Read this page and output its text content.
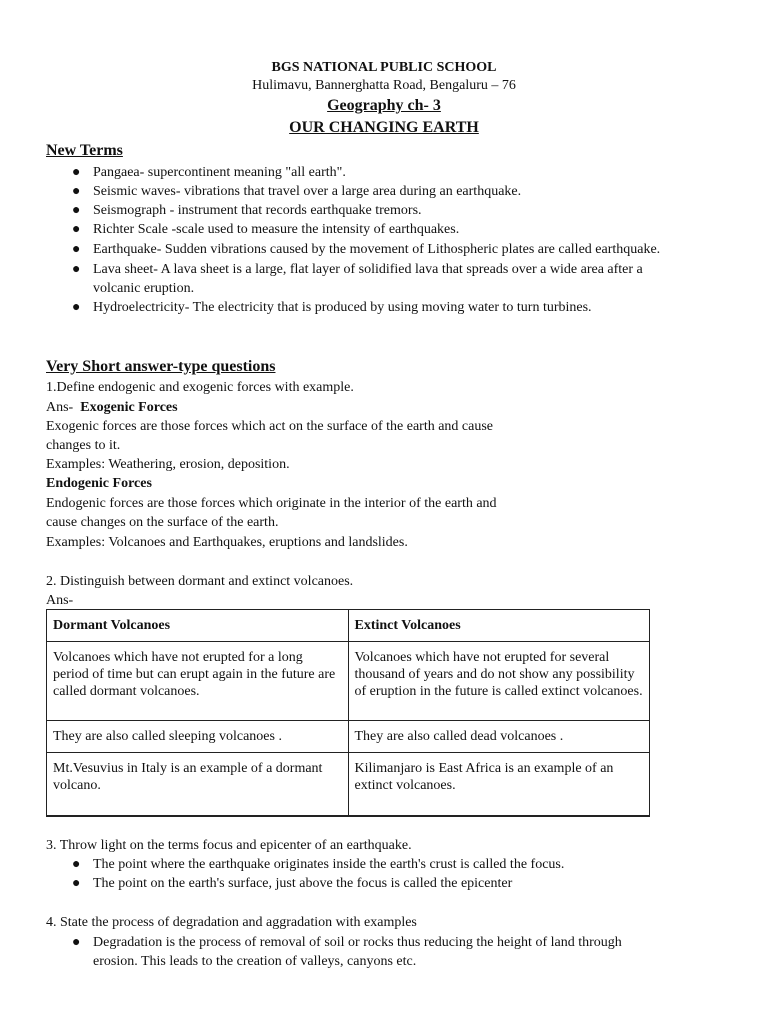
BGS NATIONAL PUBLIC SCHOOL
Hulimavu, Bannerghatta Road, Bengaluru – 76
Geography ch- 3
OUR CHANGING EARTH
New Terms
● Pangaea- supercontinent meaning "all earth".
● Seismic waves- vibrations that travel over a large area during an earthquake.
● Seismograph - instrument that records earthquake tremors.
● Richter Scale -scale used to measure the intensity of earthquakes.
● Earthquake- Sudden vibrations caused by the movement of Lithospheric plates are called earthquake.
● Lava sheet- A lava sheet is a large, flat layer of solidified lava that spreads over a wide area after a
volcanic eruption.
● Hydroelectricity- The electricity that is produced by using moving water to turn turbines.
Very Short answer-type questions
1.Define endogenic and exogenic forces with example.
Ans- Exogenic Forces
Exogenic forces are those forces which act on the surface of the earth and cause
changes to it.
Examples: Weathering, erosion, deposition.
Endogenic Forces
Endogenic forces are those forces which originate in the interior of the earth and
cause changes on the surface of the earth.
Examples: Volcanoes and Earthquakes, eruptions and landslides.
2. Distinguish between dormant and extinct volcanoes.
Ans-
Dormant Volcanoes	Extinct Volcanoes
Volcanoes which have not erupted for a long period of time but can erupt again in the future are called dormant volcanoes.	Volcanoes which have not erupted for several thousand of years and do not show any possibility of eruption in the future is called extinct volcanoes.
They are also called sleeping volcanoes .	They are also called dead volcanoes .
Mt.Vesuvius in Italy is an example of a dormant volcano.	Kilimanjaro is East Africa is an example of an extinct volcanoes.
3. Throw light on the terms focus and epicenter of an earthquake.
● The point where the earthquake originates inside the earth's crust is called the focus.
● The point on the earth's surface, just above the focus is called the epicenter
4. State the process of degradation and aggradation with examples
● Degradation is the process of removal of soil or rocks thus reducing the height of land through
erosion. This leads to the creation of valleys, canyons etc.
